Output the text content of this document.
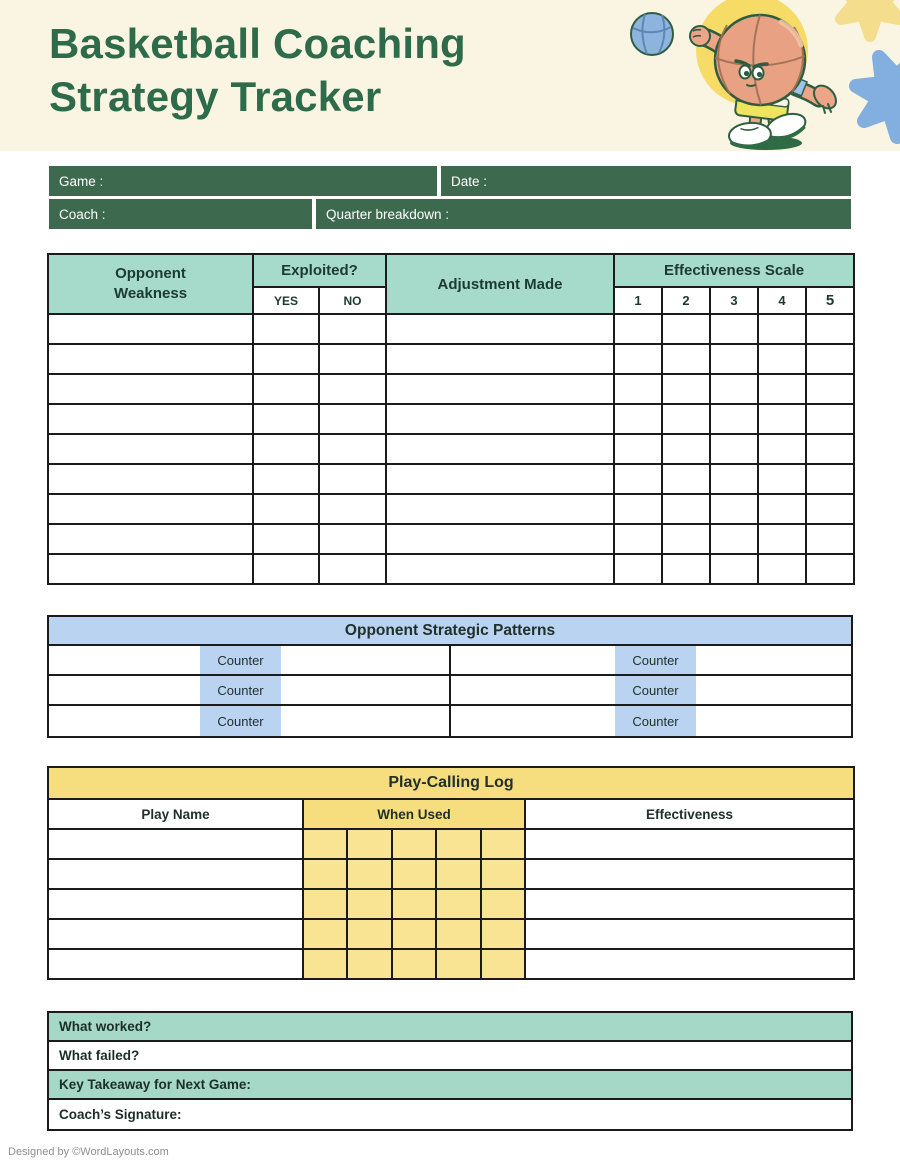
Basketball Coaching
Strategy Tracker
Game :	Date :
Coach :	Quarter breakdown :
Opponent Weakness	Exploited?		Adjustment Made	Effectiveness Scale				
	YES	NO		1	2	3	4	5

Opponent Strategic Patterns
Counter	Counter
Counter	Counter
Counter	Counter
Play-Calling Log						
Play Name	When Used					Effectiveness

What worked?
What failed?
Key Takeaway for Next Game:
Coach’s Signature:
Designed by ©WordLayouts.com
